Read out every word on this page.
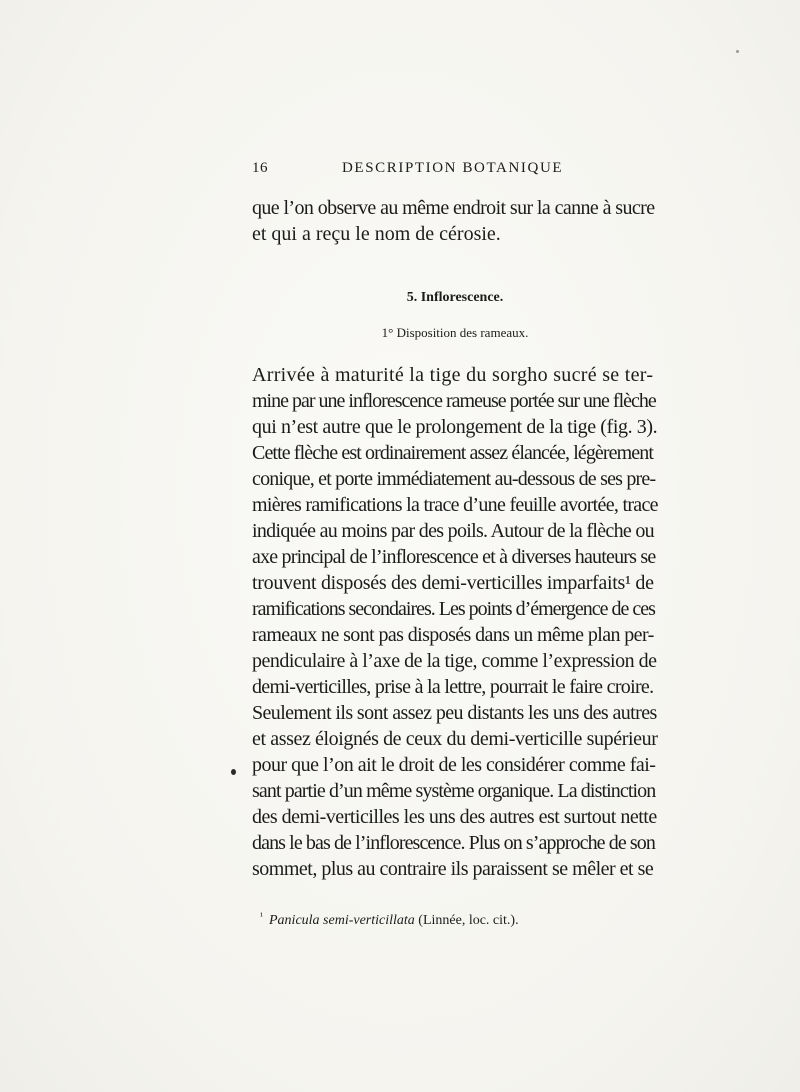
16	DESCRIPTION BOTANIQUE
que l’on observe au même endroit sur la canne à sucre
et qui a reçu le nom de cérosie.
5. Inflorescence.
1° Disposition des rameaux.
Arrivée à maturité la tige du sorgho sucré se ter-
mine par une inflorescence rameuse portée sur une flèche
qui n’est autre que le prolongement de la tige (fig. 3).
Cette flèche est ordinairement assez élancée, légèrement
conique, et porte immédiatement au-dessous de ses pre-
mières ramifications la trace d’une feuille avortée, trace
indiquée au moins par des poils. Autour de la flèche ou
axe principal de l’inflorescence et à diverses hauteurs se
trouvent disposés des demi-verticilles imparfaits¹ de
ramifications secondaires. Les points d’émergence de ces
rameaux ne sont pas disposés dans un même plan per-
pendiculaire à l’axe de la tige, comme l’expression de
demi-verticilles, prise à la lettre, pourrait le faire croire.
Seulement ils sont assez peu distants les uns des autres
et assez éloignés de ceux du demi-verticille supérieur
pour que l’on ait le droit de les considérer comme fai-
sant partie d’un même système organique. La distinction
des demi-verticilles les uns des autres est surtout nette
dans le bas de l’inflorescence. Plus on s’approche de son
sommet, plus au contraire ils paraissent se mêler et se
$^{^1}$ Panicula semi-verticillata (Linnée, loc. cit.).
